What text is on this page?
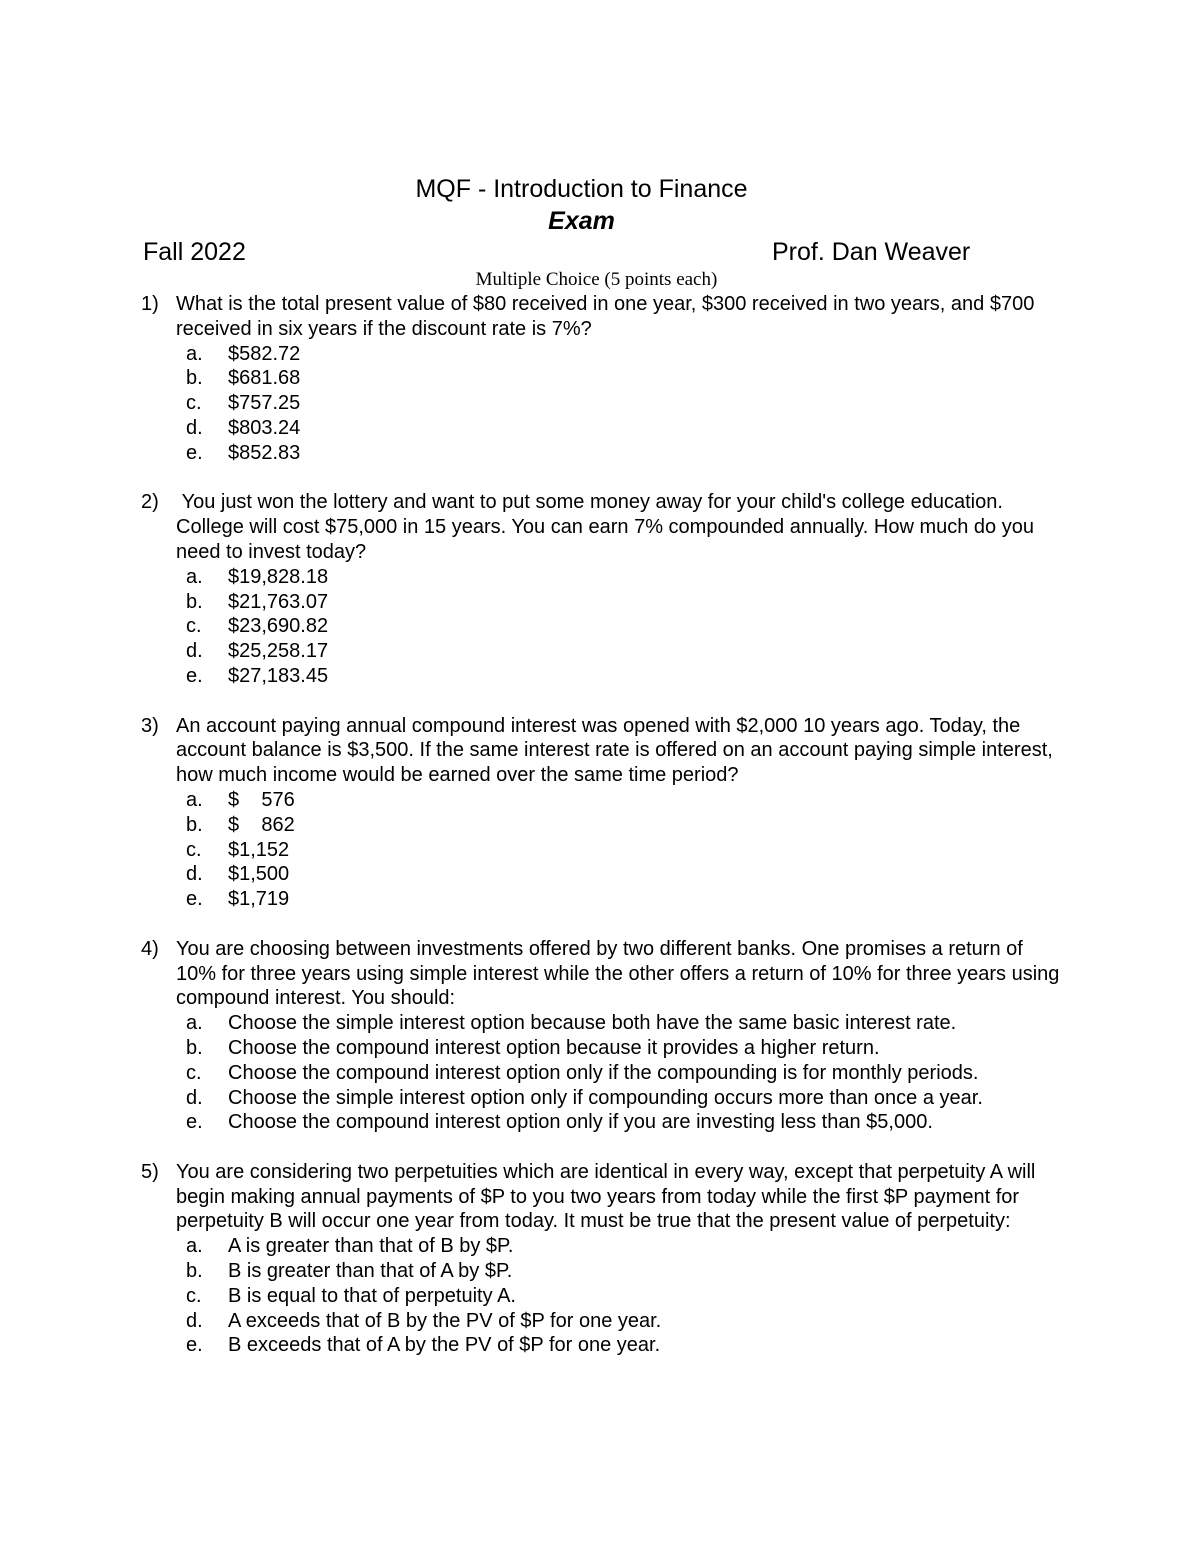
MQF - Introduction to Finance
Exam
Fall 2022	Prof. Dan Weaver
Multiple Choice (5 points each)
1) What is the total present value of $80 received in one year, $300 received in two years, and $700 received in six years if the discount rate is 7%?
a. $582.72
b. $681.68
c. $757.25
d. $803.24
e. $852.83
2) You just won the lottery and want to put some money away for your child's college education. College will cost $75,000 in 15 years. You can earn 7% compounded annually. How much do you need to invest today?
a. $19,828.18
b. $21,763.07
c. $23,690.82
d. $25,258.17
e. $27,183.45
3) An account paying annual compound interest was opened with $2,000 10 years ago. Today, the account balance is $3,500. If the same interest rate is offered on an account paying simple interest, how much income would be earned over the same time period?
a. $    576
b. $    862
c. $1,152
d. $1,500
e. $1,719
4) You are choosing between investments offered by two different banks. One promises a return of 10% for three years using simple interest while the other offers a return of 10% for three years using compound interest. You should:
a. Choose the simple interest option because both have the same basic interest rate.
b. Choose the compound interest option because it provides a higher return.
c. Choose the compound interest option only if the compounding is for monthly periods.
d. Choose the simple interest option only if compounding occurs more than once a year.
e. Choose the compound interest option only if you are investing less than $5,000.
5) You are considering two perpetuities which are identical in every way, except that perpetuity A will begin making annual payments of $P to you two years from today while the first $P payment for perpetuity B will occur one year from today. It must be true that the present value of perpetuity:
a. A is greater than that of B by $P.
b. B is greater than that of A by $P.
c. B is equal to that of perpetuity A.
d. A exceeds that of B by the PV of $P for one year.
e. B exceeds that of A by the PV of $P for one year.
